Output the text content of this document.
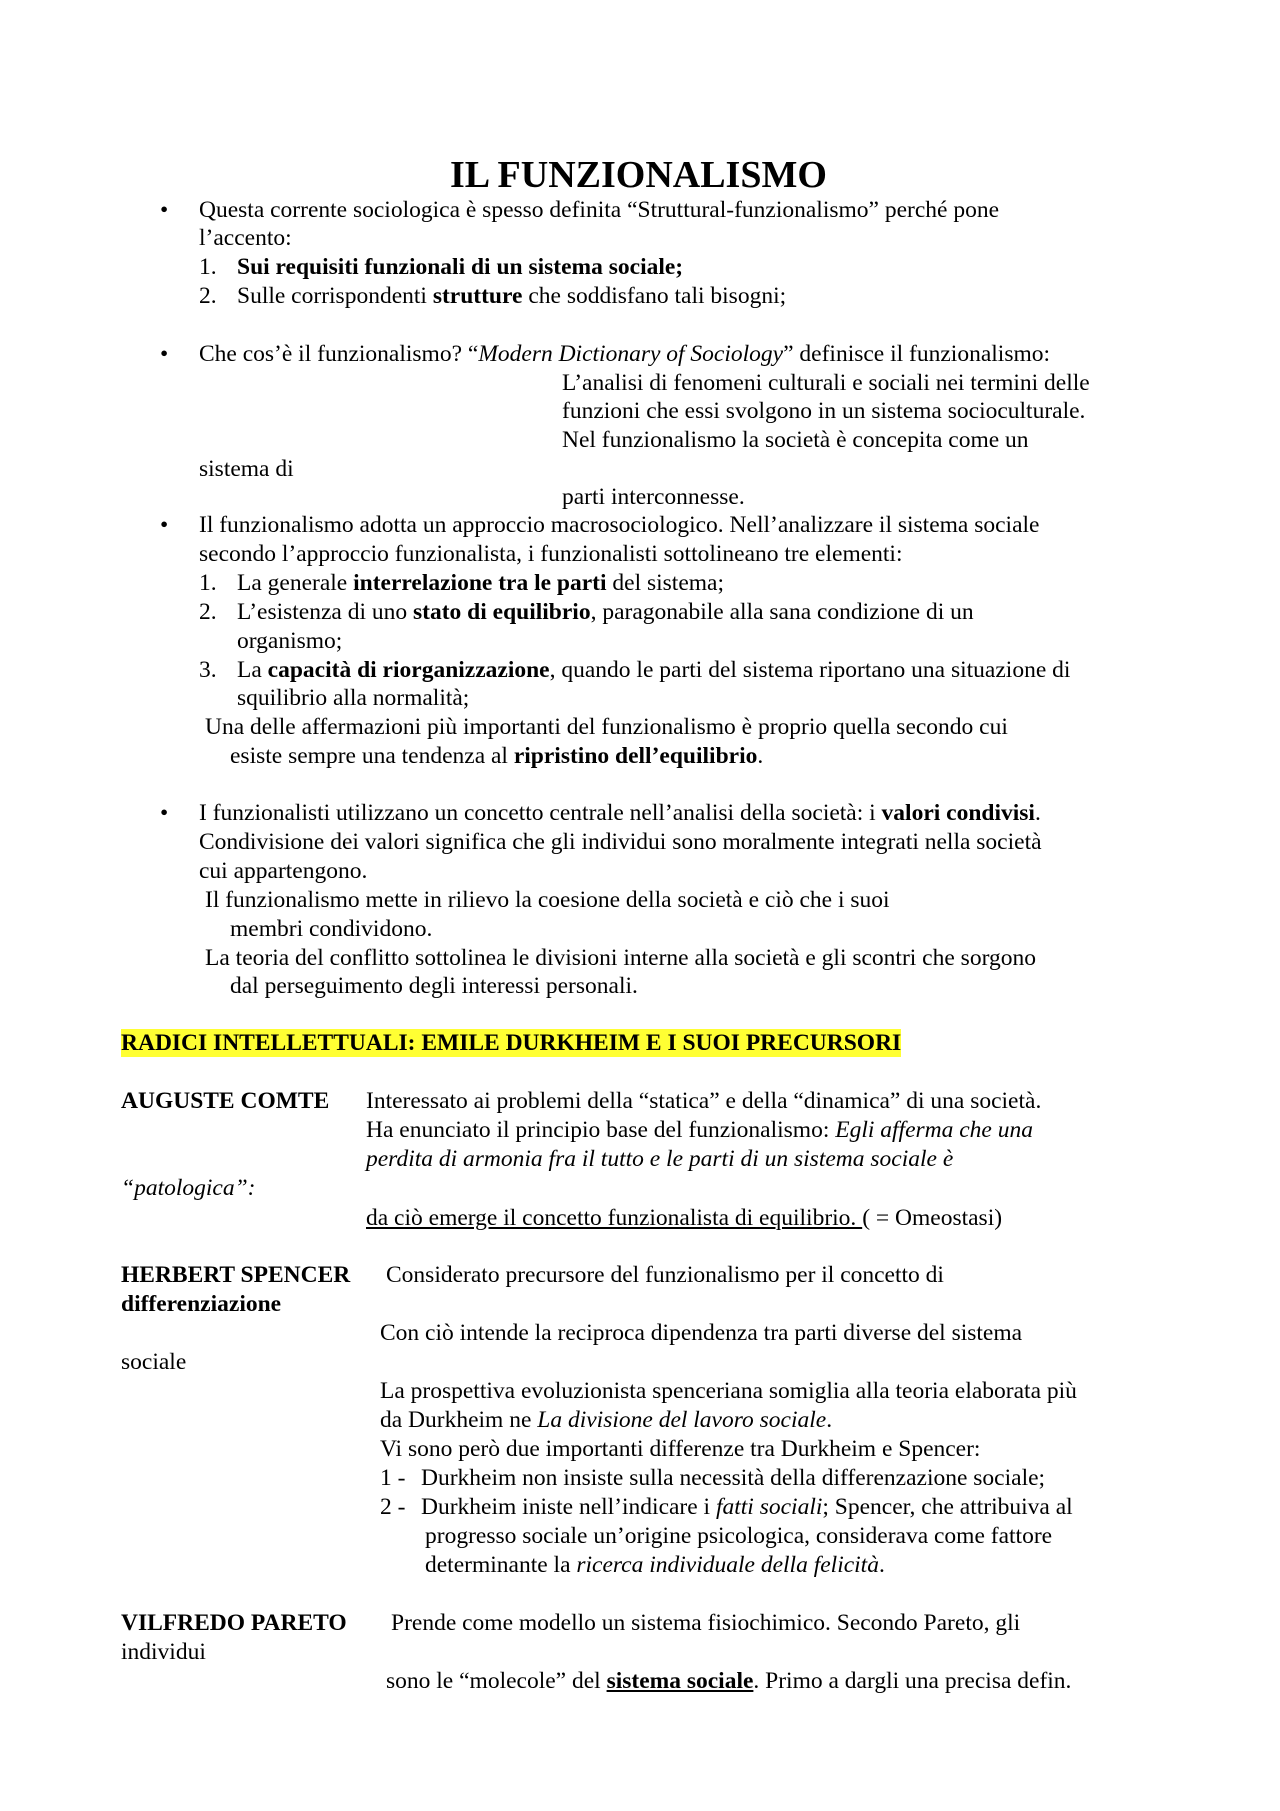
IL FUNZIONALISMO
• Questa corrente sociologica è spesso definita “Struttural-funzionalismo” perché pone
l’accento:
1. Sui requisiti funzionali di un sistema sociale;
2. Sulle corrispondenti strutture che soddisfano tali bisogni;
• Che cos’è il funzionalismo? “Modern Dictionary of Sociology” definisce il funzionalismo:
L’analisi di fenomeni culturali e sociali nei termini delle
funzioni che essi svolgono in un sistema socioculturale.
Nel funzionalismo la società è concepita come un
sistema di
parti interconnesse.
• Il funzionalismo adotta un approccio macrosociologico. Nell’analizzare il sistema sociale
secondo l’approccio funzionalista, i funzionalisti sottolineano tre elementi:
1. La generale interrelazione tra le parti del sistema;
2. L’esistenza di uno stato di equilibrio, paragonabile alla sana condizione di un
organismo;
3. La capacità di riorganizzazione, quando le parti del sistema riportano una situazione di
squilibrio alla normalità;
Una delle affermazioni più importanti del funzionalismo è proprio quella secondo cui
esiste sempre una tendenza al ripristino dell’equilibrio.
• I funzionalisti utilizzano un concetto centrale nell’analisi della società: i valori condivisi.
Condivisione dei valori significa che gli individui sono moralmente integrati nella società
cui appartengono.
Il funzionalismo mette in rilievo la coesione della società e ciò che i suoi
membri condividono.
La teoria del conflitto sottolinea le divisioni interne alla società e gli scontri che sorgono
dal perseguimento degli interessi personali.
RADICI INTELLETTUALI: EMILE DURKHEIM E I SUOI PRECURSORI
AUGUSTE COMTE Interessato ai problemi della “statica” e della “dinamica” di una società.
Ha enunciato il principio base del funzionalismo: Egli afferma che una
perdita di armonia fra il tutto e le parti di un sistema sociale è
“patologica”:
da ciò emerge il concetto funzionalista di equilibrio. ( = Omeostasi)
HERBERT SPENCER Considerato precursore del funzionalismo per il concetto di
differenziazione
Con ciò intende la reciproca dipendenza tra parti diverse del sistema
sociale
La prospettiva evoluzionista spenceriana somiglia alla teoria elaborata più
da Durkheim ne La divisione del lavoro sociale.
Vi sono però due importanti differenze tra Durkheim e Spencer:
1 - Durkheim non insiste sulla necessità della differenzazione sociale;
2 - Durkheim iniste nell’indicare i fatti sociali; Spencer, che attribuiva al
progresso sociale un’origine psicologica, considerava come fattore
determinante la ricerca individuale della felicità.
VILFREDO PARETO Prende come modello un sistema fisiochimico. Secondo Pareto, gli
individui
sono le “molecole” del sistema sociale. Primo a dargli una precisa defin.
